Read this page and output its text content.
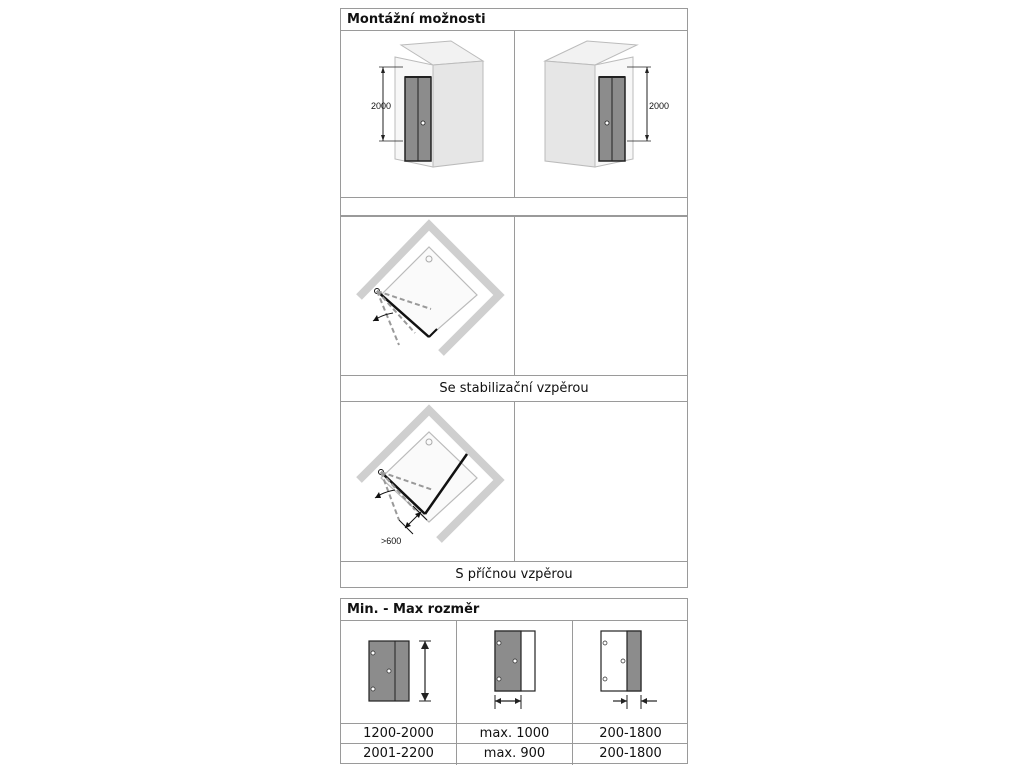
Montážní možnosti
2000	2000
Se stabilizační vzpěrou
>600
S příčnou vzpěrou
Min. - Max rozměr
1200-2000	max. 1000	200-1800
2001-2200	max. 900	200-1800
